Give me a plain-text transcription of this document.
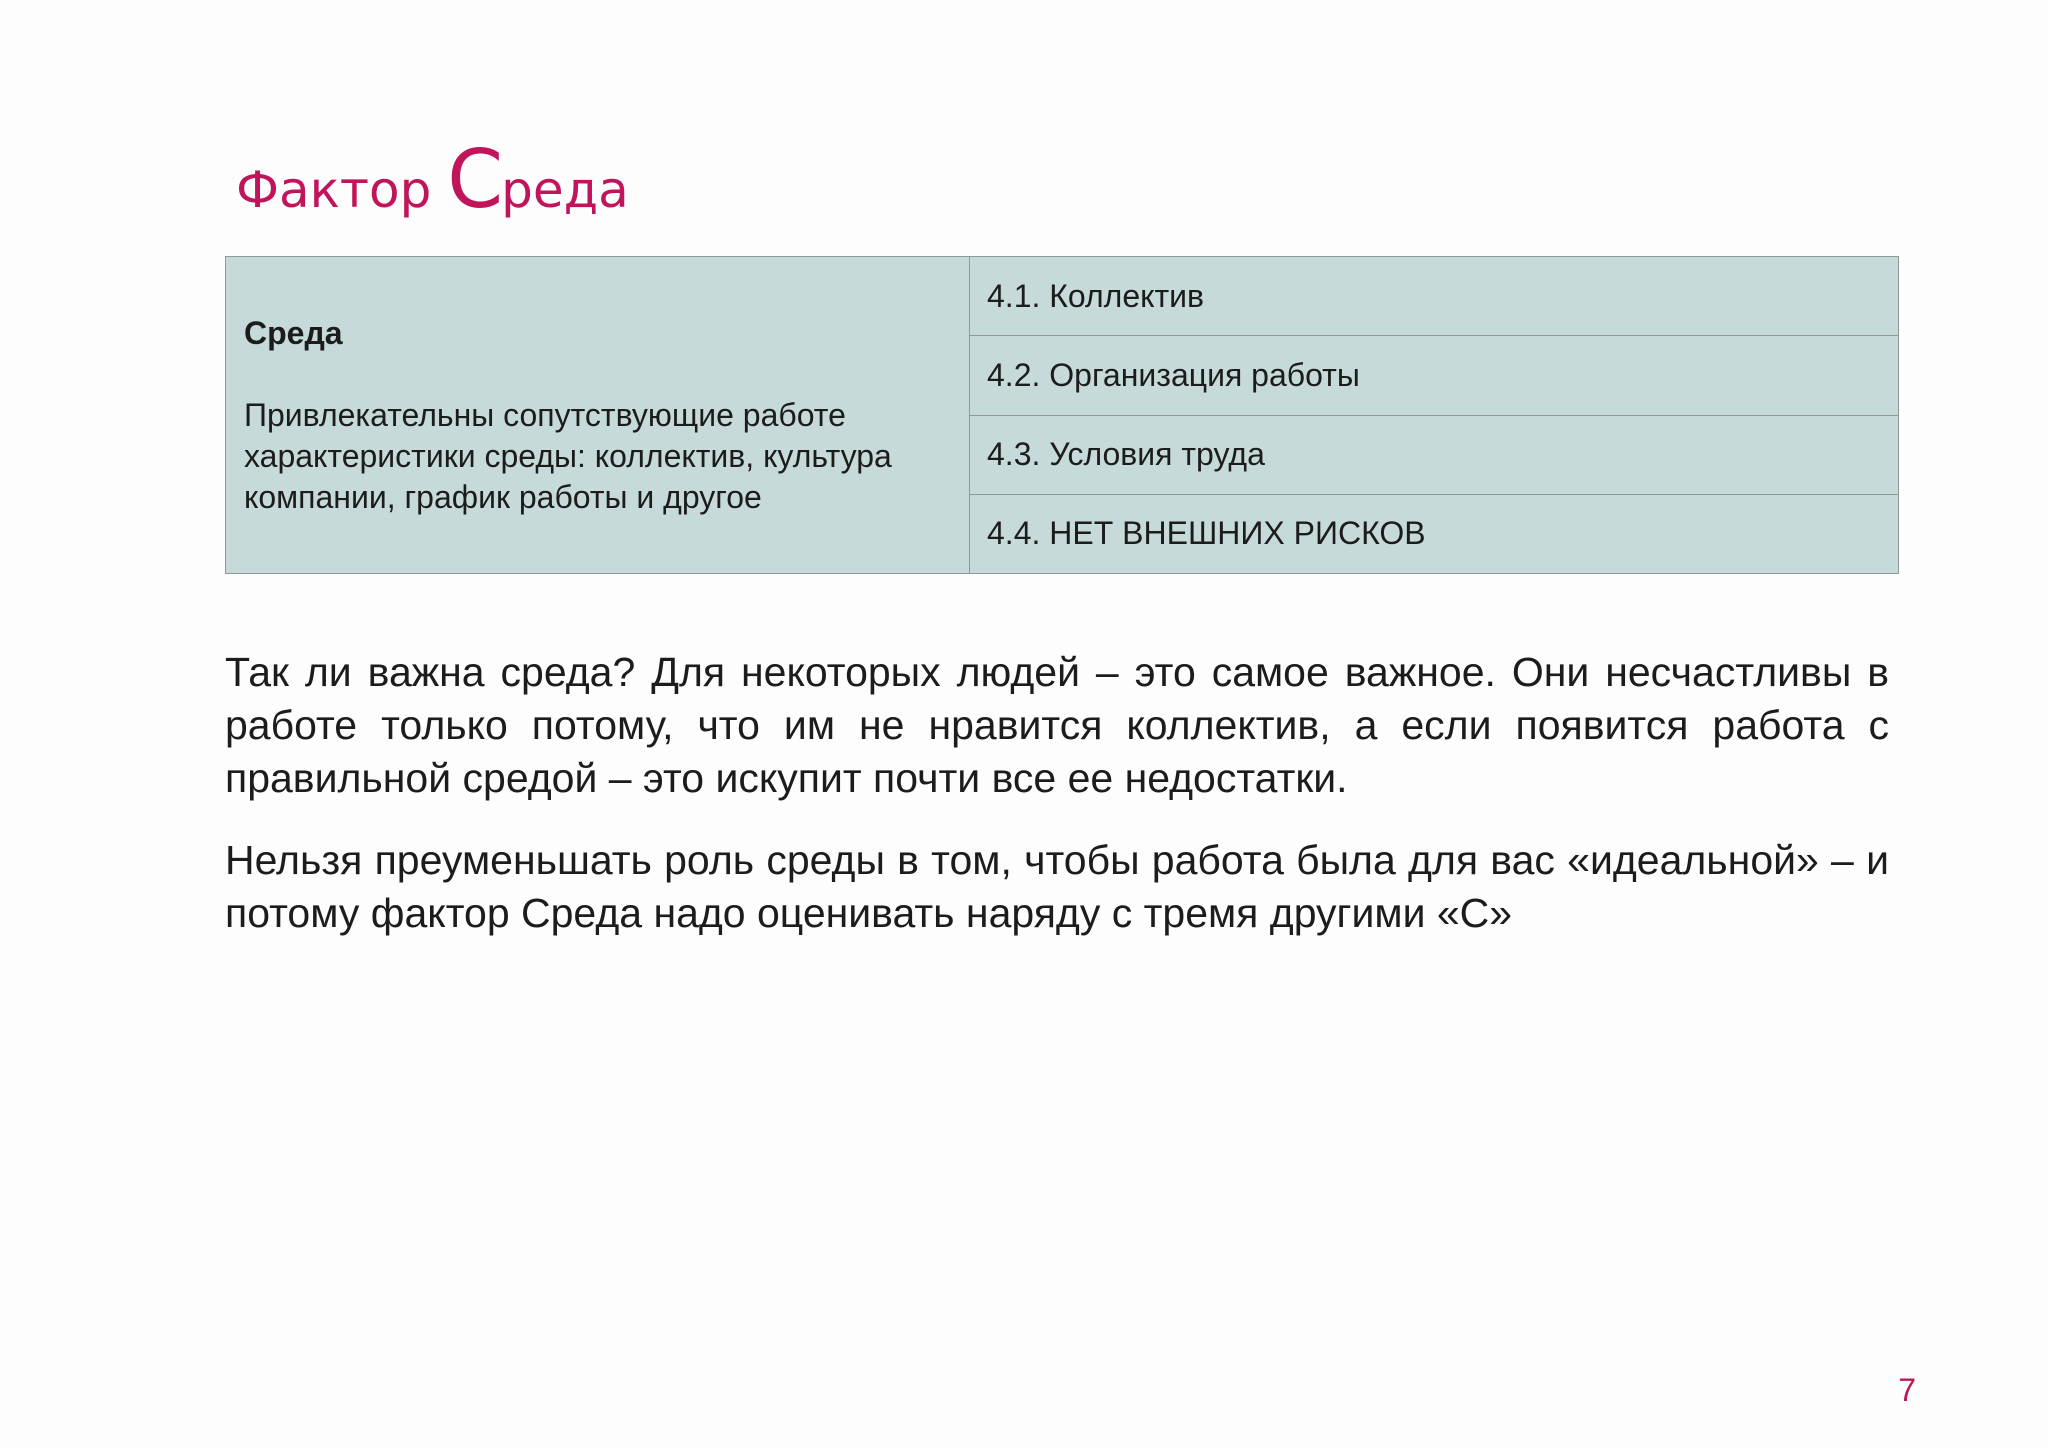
Фактор Среда
Среда
Привлекательны сопутствующие работе характеристики среды: коллектив, культура компании, график работы и другое
	4.1. Коллектив
4.2. Организация работы
4.3. Условия труда
4.4. НЕТ ВНЕШНИХ РИСКОВ

Так ли важна среда? Для некоторых людей – это самое важное. Они несчастливы в работе только потому, что им не нравится коллектив, а если появится работа с правильной средой – это искупит почти все ее недостатки.

Нельзя преуменьшать роль среды в том, чтобы работа была для вас «идеальной» – и потому фактор Среда надо оценивать наряду с тремя другими «С»

7
